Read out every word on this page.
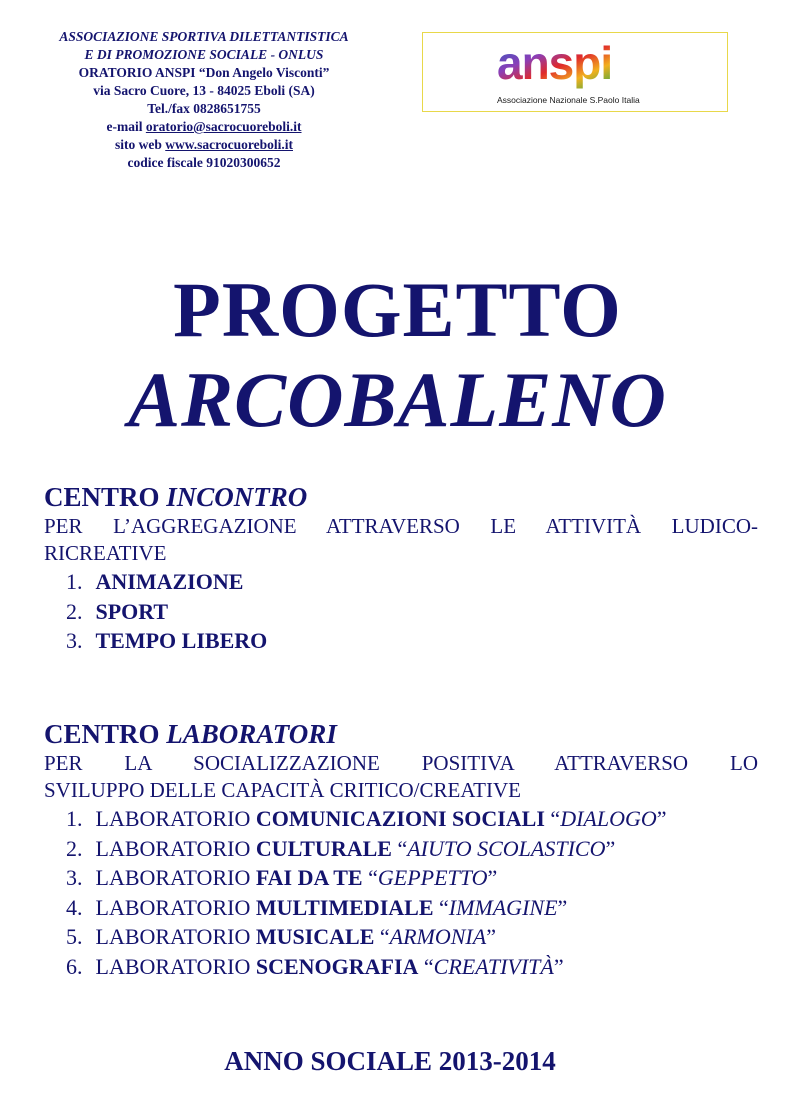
ASSOCIAZIONE SPORTIVA DILETTANTISTICA
E DI PROMOZIONE SOCIALE - ONLUS
ORATORIO ANSPI “Don Angelo Visconti”
via Sacro Cuore, 13 - 84025 Eboli (SA)
Tel./fax 0828651755
e-mail oratorio@sacrocuoreboli.it
sito web www.sacrocuoreboli.it
codice fiscale 91020300652
anspi
Associazione Nazionale S.Paolo Italia
PROGETTO
ARCOBALENO
CENTRO INCONTRO
PER L’AGGREGAZIONE ATTRAVERSO LE ATTIVITÀ LUDICO-
RICREATIVE
1. ANIMAZIONE
2. SPORT
3. TEMPO LIBERO
CENTRO LABORATORI
PER LA SOCIALIZZAZIONE POSITIVA ATTRAVERSO LO
SVILUPPO DELLE CAPACITÀ CRITICO/CREATIVE
1. LABORATORIO COMUNICAZIONI SOCIALI “DIALOGO”
2. LABORATORIO CULTURALE “AIUTO SCOLASTICO”
3. LABORATORIO FAI DA TE “GEPPETTO”
4. LABORATORIO MULTIMEDIALE “IMMAGINE”
5. LABORATORIO MUSICALE “ARMONIA”
6. LABORATORIO SCENOGRAFIA “CREATIVITÀ”
ANNO SOCIALE 2013-2014
